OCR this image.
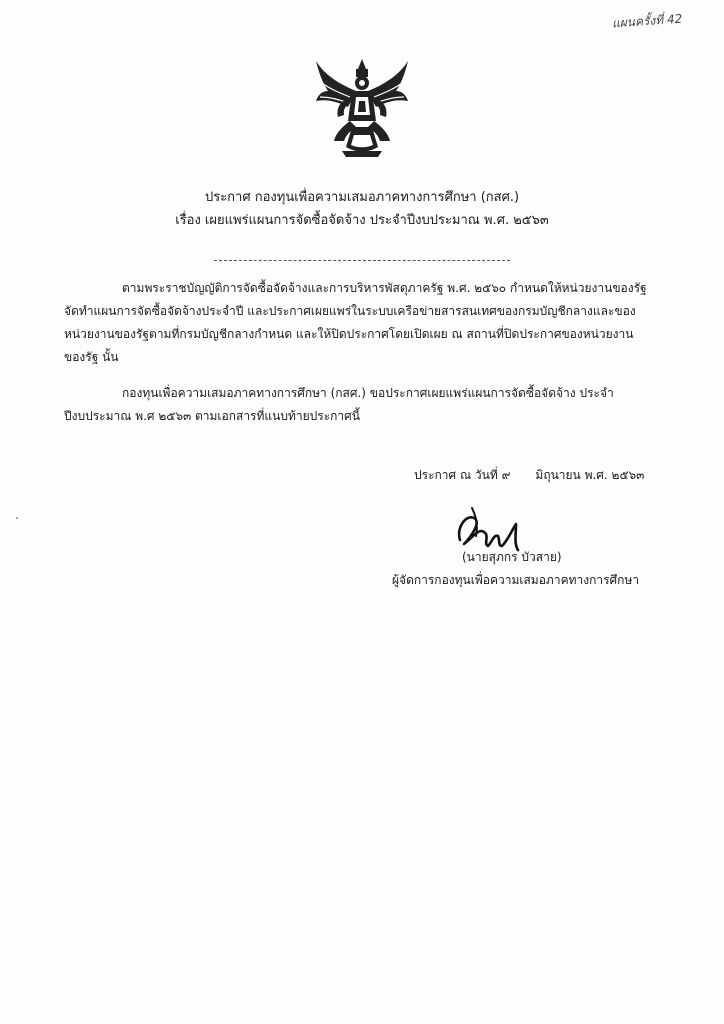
แผนครั้งที่ 42
ประกาศ กองทุนเพื่อความเสมอภาคทางการศึกษา (กสศ.)
เรื่อง เผยแพร่แผนการจัดซื้อจัดจ้าง ประจำปีงบประมาณ พ.ศ. ๒๕๖๓
ตามพระราชบัญญัติการจัดซื้อจัดจ้างและการบริหารพัสดุภาครัฐ พ.ศ. ๒๕๖๐ กำหนดให้หน่วยงานของรัฐ
จัดทำแผนการจัดซื้อจัดจ้างประจำปี และประกาศเผยแพร่ในระบบเครือข่ายสารสนเทศของกรมบัญชีกลางและของ
หน่วยงานของรัฐตามที่กรมบัญชีกลางกำหนด และให้ปิดประกาศโดยเปิดเผย ณ สถานที่ปิดประกาศของหน่วยงาน
ของรัฐ นั้น
กองทุนเพื่อความเสมอภาคทางการศึกษา (กสศ.) ขอประกาศเผยแพร่แผนการจัดซื้อจัดจ้าง ประจำ
ปีงบประมาณ พ.ศ ๒๕๖๓ ตามเอกสารที่แนบท้ายประกาศนี้
ประกาศ ณ วันที่ ๙ มิถุนายน พ.ศ. ๒๕๖๓
(นายสุภกร บัวสาย)
ผู้จัดการกองทุนเพื่อความเสมอภาคทางการศึกษา
